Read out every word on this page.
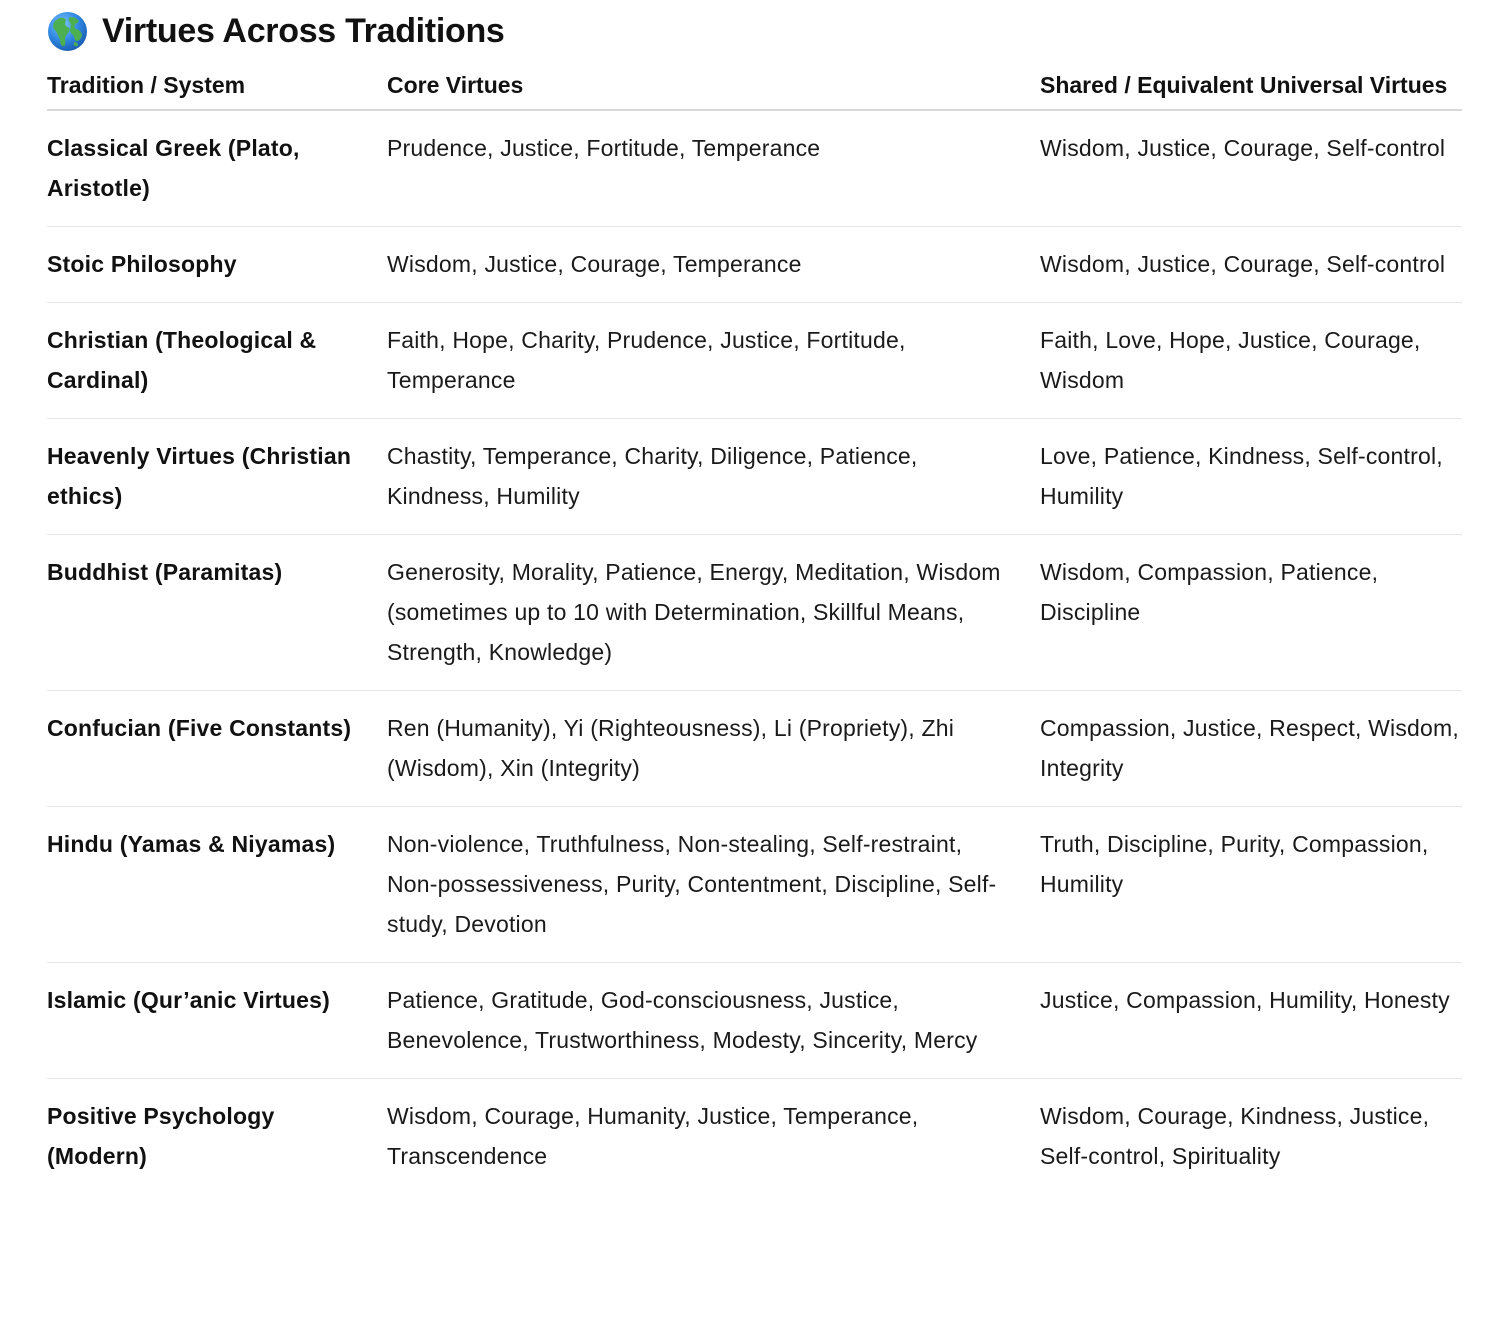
Virtues Across Traditions
Tradition / System	Core Virtues	Shared / Equivalent Universal Virtues
Classical Greek (Plato, Aristotle)	Prudence, Justice, Fortitude, Temperance	Wisdom, Justice, Courage, Self-control
Stoic Philosophy	Wisdom, Justice, Courage, Temperance	Wisdom, Justice, Courage, Self-control
Christian (Theological & Cardinal)	Faith, Hope, Charity, Prudence, Justice, Fortitude, Temperance	Faith, Love, Hope, Justice, Courage, Wisdom
Heavenly Virtues (Christian ethics)	Chastity, Temperance, Charity, Diligence, Patience, Kindness, Humility	Love, Patience, Kindness, Self-control, Humility
Buddhist (Paramitas)	Generosity, Morality, Patience, Energy, Meditation, Wisdom (sometimes up to 10 with Determination, Skillful Means, Strength, Knowledge)	Wisdom, Compassion, Patience, Discipline
Confucian (Five Constants)	Ren (Humanity), Yi (Righteousness), Li (Propriety), Zhi (Wisdom), Xin (Integrity)	Compassion, Justice, Respect, Wisdom, Integrity
Hindu (Yamas & Niyamas)	Non-violence, Truthfulness, Non-stealing, Self-restraint, Non-possessiveness, Purity, Contentment, Discipline, Self-study, Devotion	Truth, Discipline, Purity, Compassion, Humility
Islamic (Qur’anic Virtues)	Patience, Gratitude, God-consciousness, Justice, Benevolence, Trustworthiness, Modesty, Sincerity, Mercy	Justice, Compassion, Humility, Honesty
Positive Psychology (Modern)	Wisdom, Courage, Humanity, Justice, Temperance, Transcendence	Wisdom, Courage, Kindness, Justice, Self-control, Spirituality
